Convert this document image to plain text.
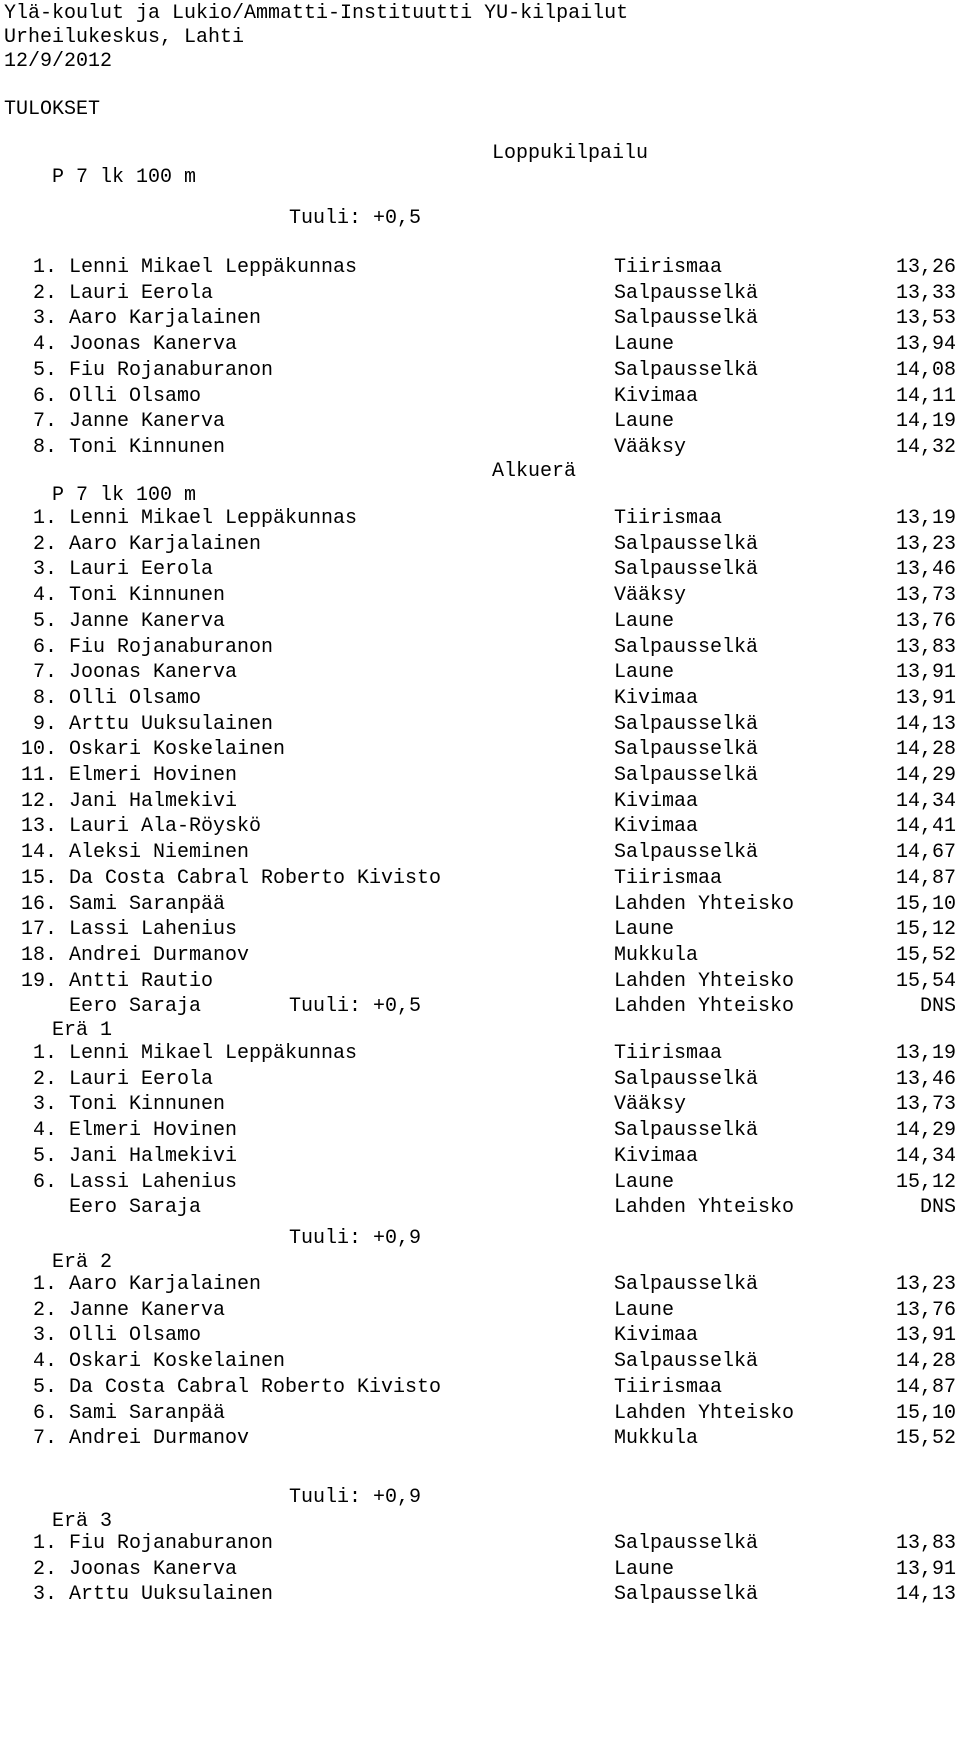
Ylä-koulut ja Lukio/Ammatti-Instituutti YU-kilpailut
Urheilukeskus, Lahti
12/9/2012
TULOKSET

P 7 lk 100 m

Loppukilpailu

Tuuli: +0,5

P 7 lk 100 m

Alkuerä

Erä 1

Tuuli: +0,5

Erä 2

Tuuli: +0,9

Erä 3

Tuuli: +0,9

1. Lenni Mikael Leppäkunnas	Tiirismaa	13,26
2. Lauri Eerola	Salpausselkä	13,33
3. Aaro Karjalainen	Salpausselkä	13,53
4. Joonas Kanerva	Laune	13,94
5. Fiu Rojanaburanon	Salpausselkä	14,08
6. Olli Olsamo	Kivimaa	14,11
7. Janne Kanerva	Laune	14,19
8. Toni Kinnunen	Vääksy	14,32
1. Lenni Mikael Leppäkunnas	Tiirismaa	13,19
2. Aaro Karjalainen	Salpausselkä	13,23
3. Lauri Eerola	Salpausselkä	13,46
4. Toni Kinnunen	Vääksy	13,73
5. Janne Kanerva	Laune	13,76
6. Fiu Rojanaburanon	Salpausselkä	13,83
7. Joonas Kanerva	Laune	13,91
8. Olli Olsamo	Kivimaa	13,91
9. Arttu Uuksulainen	Salpausselkä	14,13
10. Oskari Koskelainen	Salpausselkä	14,28
11. Elmeri Hovinen	Salpausselkä	14,29
12. Jani Halmekivi	Kivimaa	14,34
13. Lauri Ala-Röyskö	Kivimaa	14,41
14. Aleksi Nieminen	Salpausselkä	14,67
15. Da Costa Cabral Roberto Kivisto	Tiirismaa	14,87
16. Sami Saranpää	Lahden Yhteisko	15,10
17. Lassi Lahenius	Laune	15,12
18. Andrei Durmanov	Mukkula	15,52
19. Antti Rautio	Lahden Yhteisko	15,54
Eero Saraja	Lahden Yhteisko	DNS
1. Lenni Mikael Leppäkunnas	Tiirismaa	13,19
2. Lauri Eerola	Salpausselkä	13,46
3. Toni Kinnunen	Vääksy	13,73
4. Elmeri Hovinen	Salpausselkä	14,29
5. Jani Halmekivi	Kivimaa	14,34
6. Lassi Lahenius	Laune	15,12
Eero Saraja	Lahden Yhteisko	DNS
1. Aaro Karjalainen	Salpausselkä	13,23
2. Janne Kanerva	Laune	13,76
3. Olli Olsamo	Kivimaa	13,91
4. Oskari Koskelainen	Salpausselkä	14,28
5. Da Costa Cabral Roberto Kivisto	Tiirismaa	14,87
6. Sami Saranpää	Lahden Yhteisko	15,10
7. Andrei Durmanov	Mukkula	15,52
1. Fiu Rojanaburanon	Salpausselkä	13,83
2. Joonas Kanerva	Laune	13,91
3. Arttu Uuksulainen	Salpausselkä	14,13
